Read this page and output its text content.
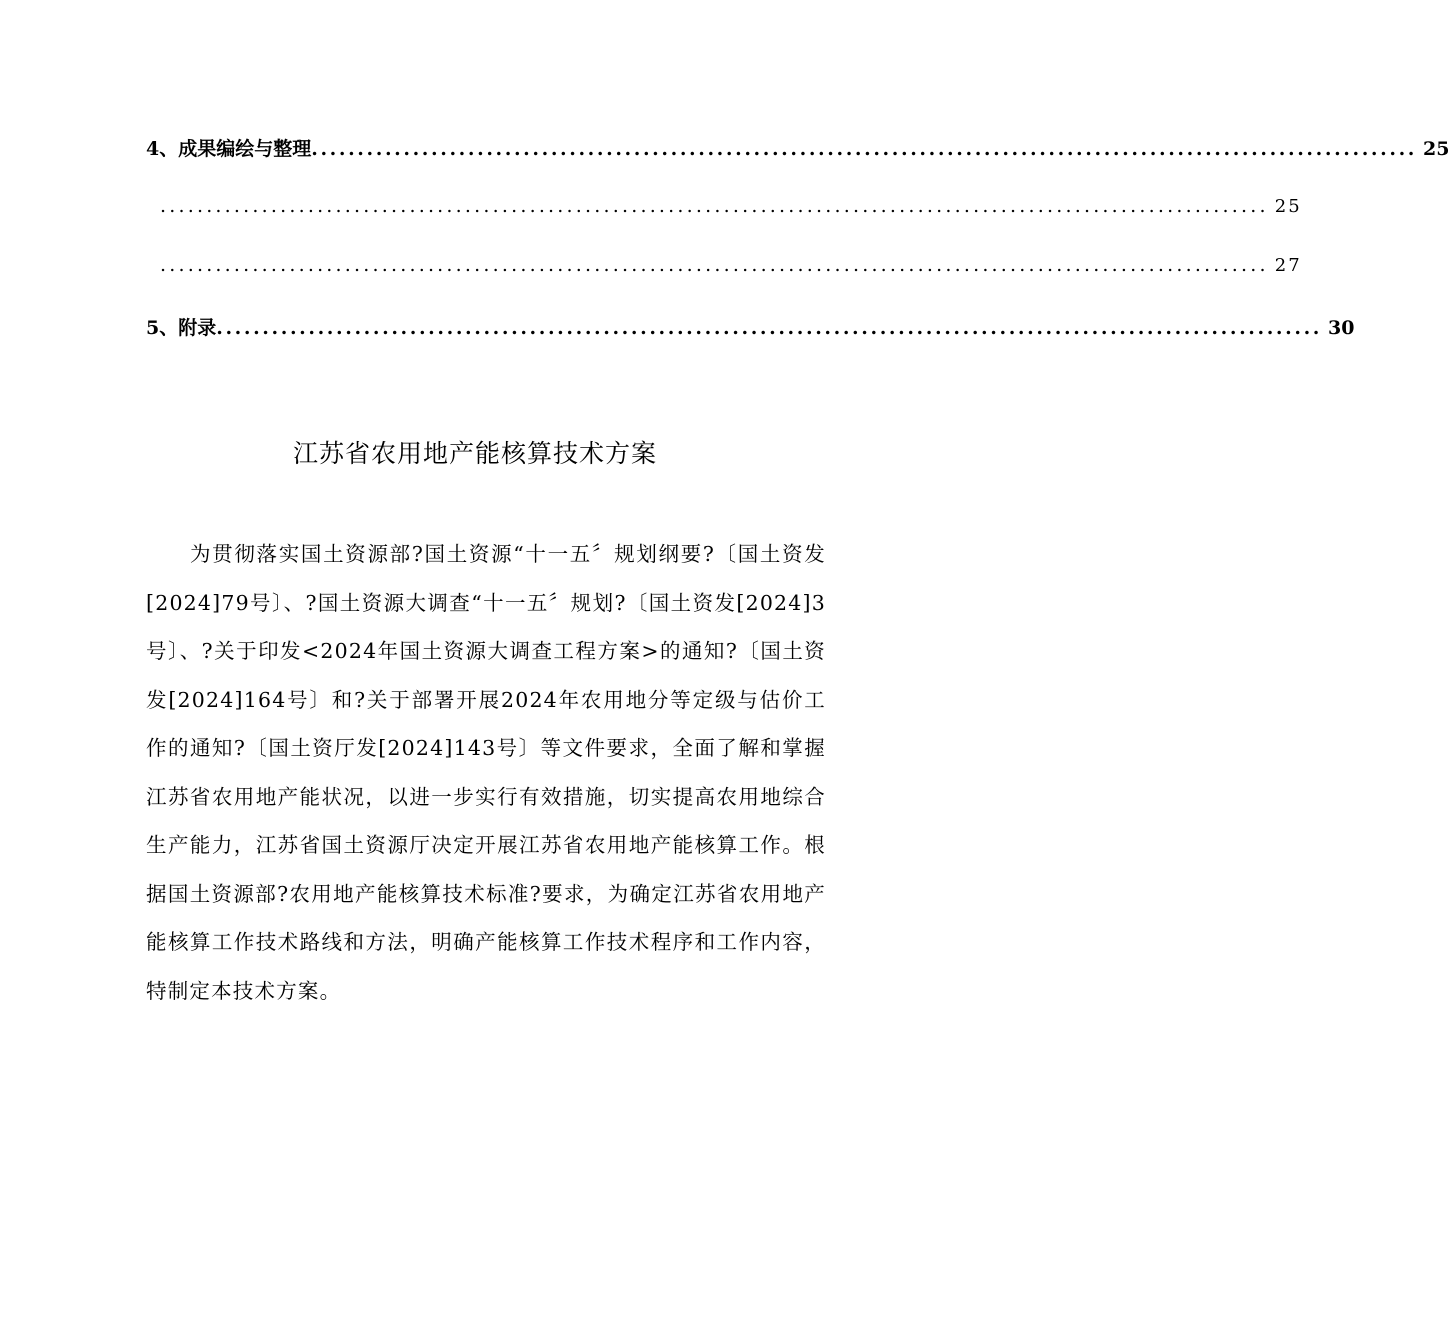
4、成果编绘与整理 ........................................................................................................................ 25
........................................................................................................................ 25
........................................................................................................................ 27
5、附录 ........................................................................................................................ 30
江苏省农用地产能核算技术方案
为贯彻落实国土资源部?国土资源“十一五〞规划纲要?〔国土资发[2024]79号〕、?国土资源大调查“十一五〞规划?〔国土资发[2024]3号〕、?关于印发<2024年国土资源大调查工程方案>的通知?〔国土资发[2024]164号〕和?关于部署开展2024年农用地分等定级与估价工作的通知?〔国土资厅发[2024]143号〕等文件要求，全面了解和掌握江苏省农用地产能状况，以进一步实行有效措施，切实提高农用地综合生产能力，江苏省国土资源厅决定开展江苏省农用地产能核算工作。根据国土资源部?农用地产能核算技术标准?要求，为确定江苏省农用地产能核算工作技术路线和方法，明确产能核算工作技术程序和工作内容，特制定本技术方案。
